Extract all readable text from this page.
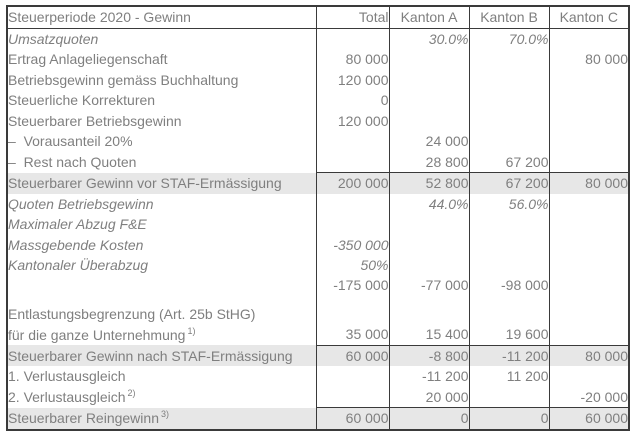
Steuerperiode 2020 - Gewinn	Total	Kanton A	Kanton B	Kanton C
Umsatzquoten		30.0%	70.0%	
Ertrag Anlageliegenschaft	80 000			80 000
Betriebsgewinn gemäss Buchhaltung	120 000			
Steuerliche Korrekturen	0			
Steuerbarer Betriebsgewinn	120 000			
–  Vorausanteil 20%		24 000		
–  Rest nach Quoten		28 800	67 200	
Steuerbarer Gewinn vor STAF-Ermässigung	200 000	52 800	67 200	80 000
Quoten Betriebsgewinn		44.0%	56.0%	
Maximaler Abzug F&E				
Massgebende Kosten	-350 000			
Kantonaler Überabzug	50%			
	-175 000	-77 000	-98 000	
Entlastungsbegrenzung (Art. 25b StHG)				
für die ganze Unternehmung $^{1)}$	35 000	15 400	19 600	
Steuerbarer Gewinn nach STAF-Ermässigung	60 000	-8 800	-11 200	80 000
1. Verlustausgleich		-11 200	11 200	
2. Verlustausgleich $^{2)}$		20 000		-20 000
Steuerbarer Reingewinn $^{3)}$	60 000	0	0	60 000
